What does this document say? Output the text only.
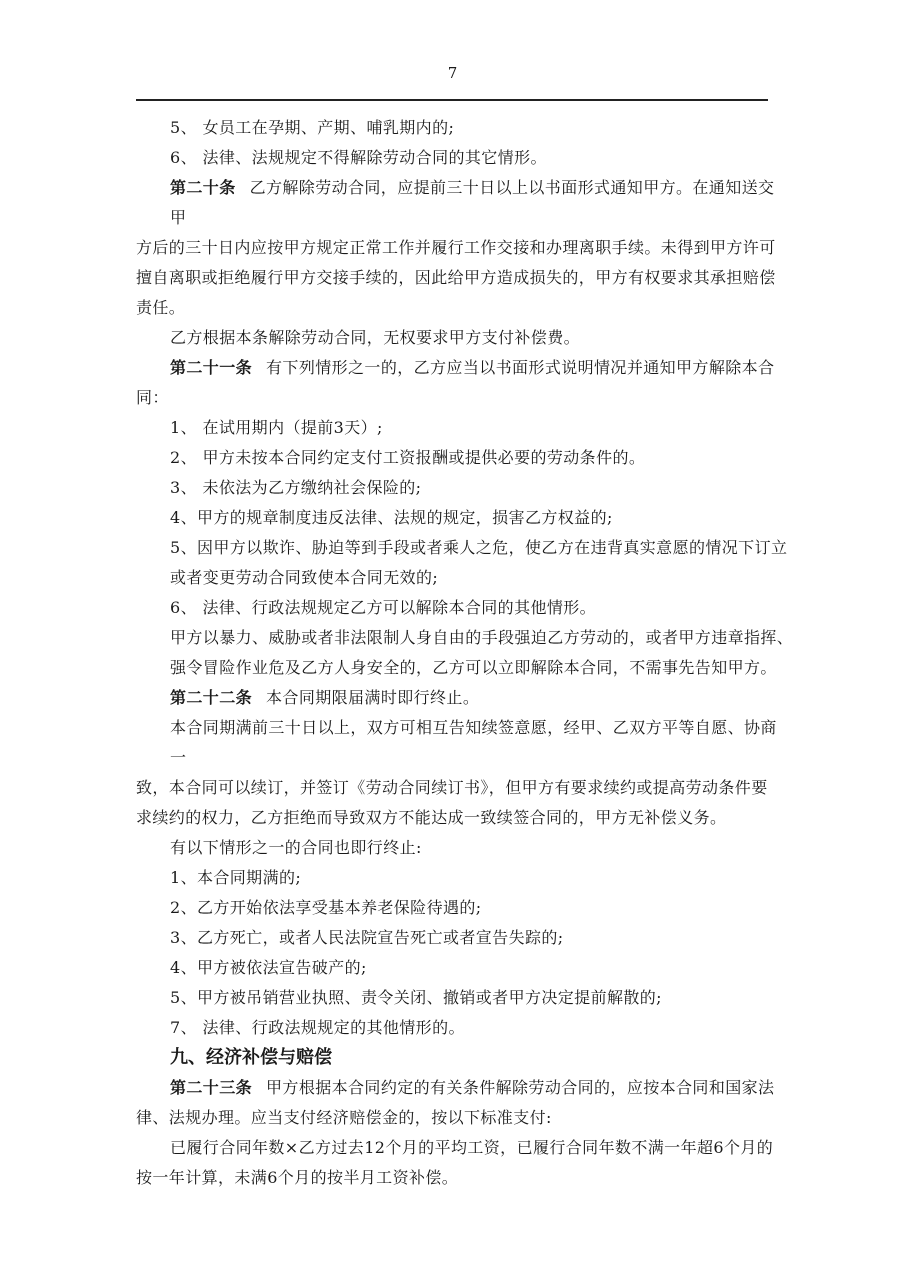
7
5、 女员工在孕期、产期、哺乳期内的;
6、 法律、法规规定不得解除劳动合同的其它情形。
第二十条 乙方解除劳动合同，应提前三十日以上以书面形式通知甲方。在通知送交
甲
方后的三十日内应按甲方规定正常工作并履行工作交接和办理离职手续。未得到甲方许可
擅自离职或拒绝履行甲方交接手续的，因此给甲方造成损失的，甲方有权要求其承担赔偿
责任。
乙方根据本条解除劳动合同，无权要求甲方支付补偿费。
第二十一条 有下列情形之一的，乙方应当以书面形式说明情况并通知甲方解除本合
同：
1、 在试用期内（提前3天）;
2、 甲方未按本合同约定支付工资报酬或提供必要的劳动条件的。
3、 未依法为乙方缴纳社会保险的;
4、甲方的规章制度违反法律、法规的规定，损害乙方权益的;
5、因甲方以欺诈、胁迫等到手段或者乘人之危，使乙方在违背真实意愿的情况下订立
或者变更劳动合同致使本合同无效的;
6、 法律、行政法规规定乙方可以解除本合同的其他情形。
甲方以暴力、威胁或者非法限制人身自由的手段强迫乙方劳动的，或者甲方违章指挥、
强令冒险作业危及乙方人身安全的，乙方可以立即解除本合同，不需事先告知甲方。
第二十二条 本合同期限届满时即行终止。
本合同期满前三十日以上，双方可相互告知续签意愿，经甲、乙双方平等自愿、协商
一
致，本合同可以续订，并签订《劳动合同续订书》，但甲方有要求续约或提高劳动条件要
求续约的权力，乙方拒绝而导致双方不能达成一致续签合同的，甲方无补偿义务。
有以下情形之一的合同也即行终止:
1、本合同期满的;
2、乙方开始依法享受基本养老保险待遇的;
3、乙方死亡，或者人民法院宣告死亡或者宣告失踪的;
4、甲方被依法宣告破产的;
5、甲方被吊销营业执照、责令关闭、撤销或者甲方决定提前解散的;
7、 法律、行政法规规定的其他情形的。
九、经济补偿与赔偿
第二十三条 甲方根据本合同约定的有关条件解除劳动合同的，应按本合同和国家法
律、法规办理。应当支付经济赔偿金的，按以下标准支付:
已履行合同年数×乙方过去12个月的平均工资，已履行合同年数不满一年超6个月的
按一年计算，未满6个月的按半月工资补偿。
